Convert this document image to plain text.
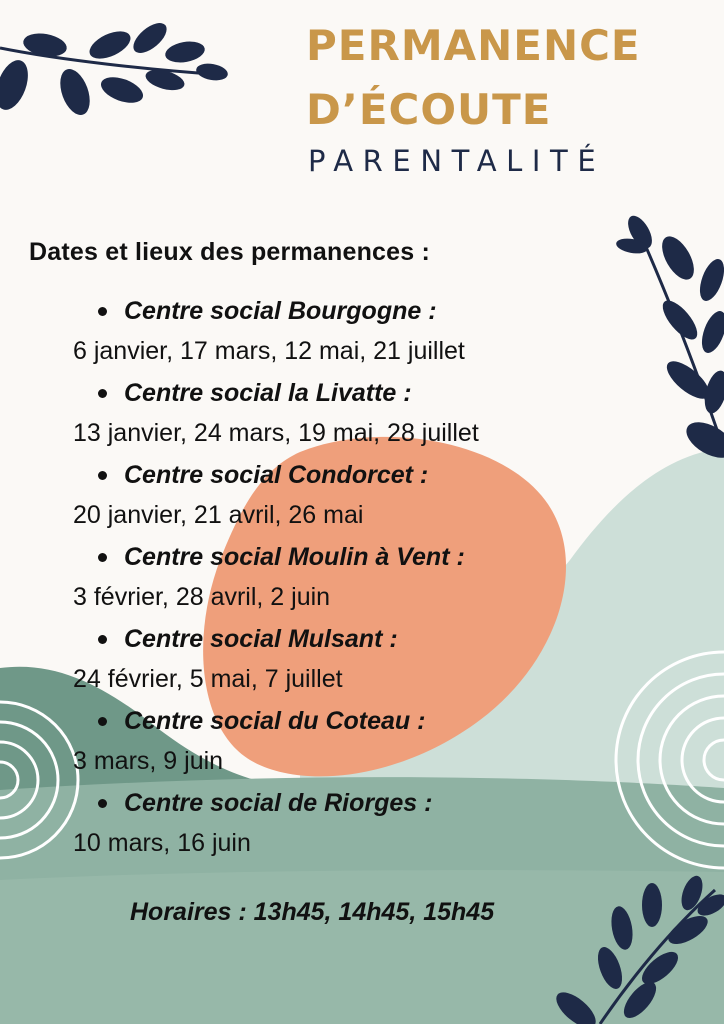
PERMANENCE
D’ÉCOUTE
PARENTALITÉ
Dates et lieux des permanences :
Centre social Bourgogne :
6 janvier, 17 mars, 12 mai, 21 juillet
Centre social la Livatte :
13 janvier, 24 mars, 19 mai, 28 juillet
Centre social Condorcet :
20 janvier, 21 avril, 26 mai
Centre social Moulin à Vent :
3 février, 28 avril, 2 juin
Centre social Mulsant :
24 février, 5 mai, 7 juillet
Centre social du Coteau :
3 mars, 9 juin
Centre social de Riorges :
10 mars, 16 juin
Horaires : 13h45, 14h45, 15h45
